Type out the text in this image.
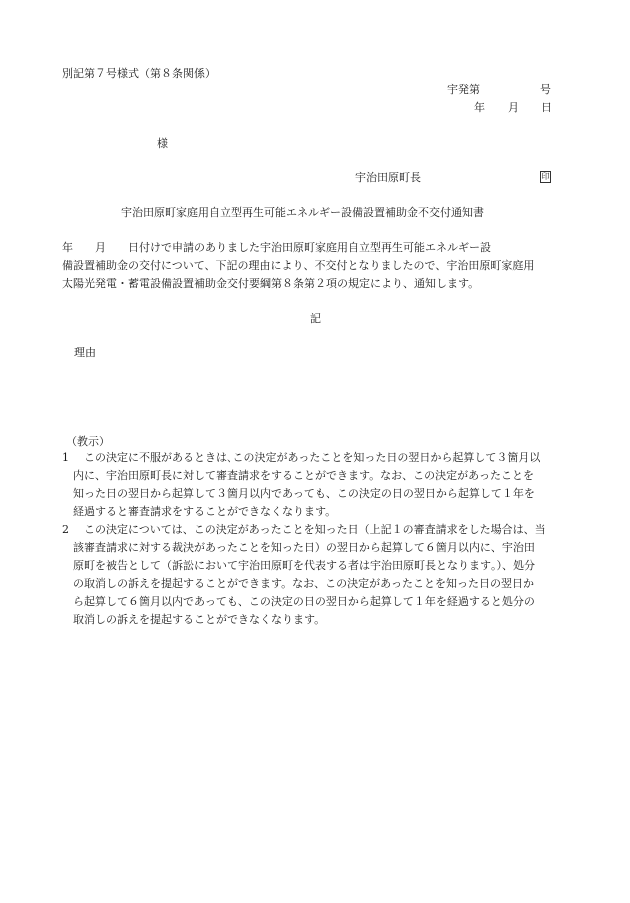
別記第７号様式（第８条関係）
宇発第	号
年 月 日
様
宇治田原町長	印
宇治田原町家庭用自立型再生可能エネルギー設備設置補助金不交付通知書
年　　月　　日付けで申請のありました宇治田原町家庭用自立型再生可能エネルギー設
備設置補助金の交付について、下記の理由により、不交付となりましたので、宇治田原町家庭用
太陽光発電・蓄電設備設置補助金交付要綱第８条第２項の規定により、通知します。
記
理由
（教示）
1 この決定に不服があるときは､この決定があったことを知った日の翌日から起算して３箇月以
内に、宇治田原町長に対して審査請求をすることができます。なお、この決定があったことを
知った日の翌日から起算して３箇月以内であっても、この決定の日の翌日から起算して１年を
経過すると審査請求をすることができなくなります。
2 この決定については、この決定があったことを知った日（上記１の審査請求をした場合は、当
該審査請求に対する裁決があったことを知った日）の翌日から起算して６箇月以内に、宇治田
原町を被告として（訴訟において宇治田原町を代表する者は宇治田原町長となります｡）、処分
の取消しの訴えを提起することができます。なお、この決定があったことを知った日の翌日か
ら起算して６箇月以内であっても、この決定の日の翌日から起算して１年を経過すると処分の
取消しの訴えを提起することができなくなります。
